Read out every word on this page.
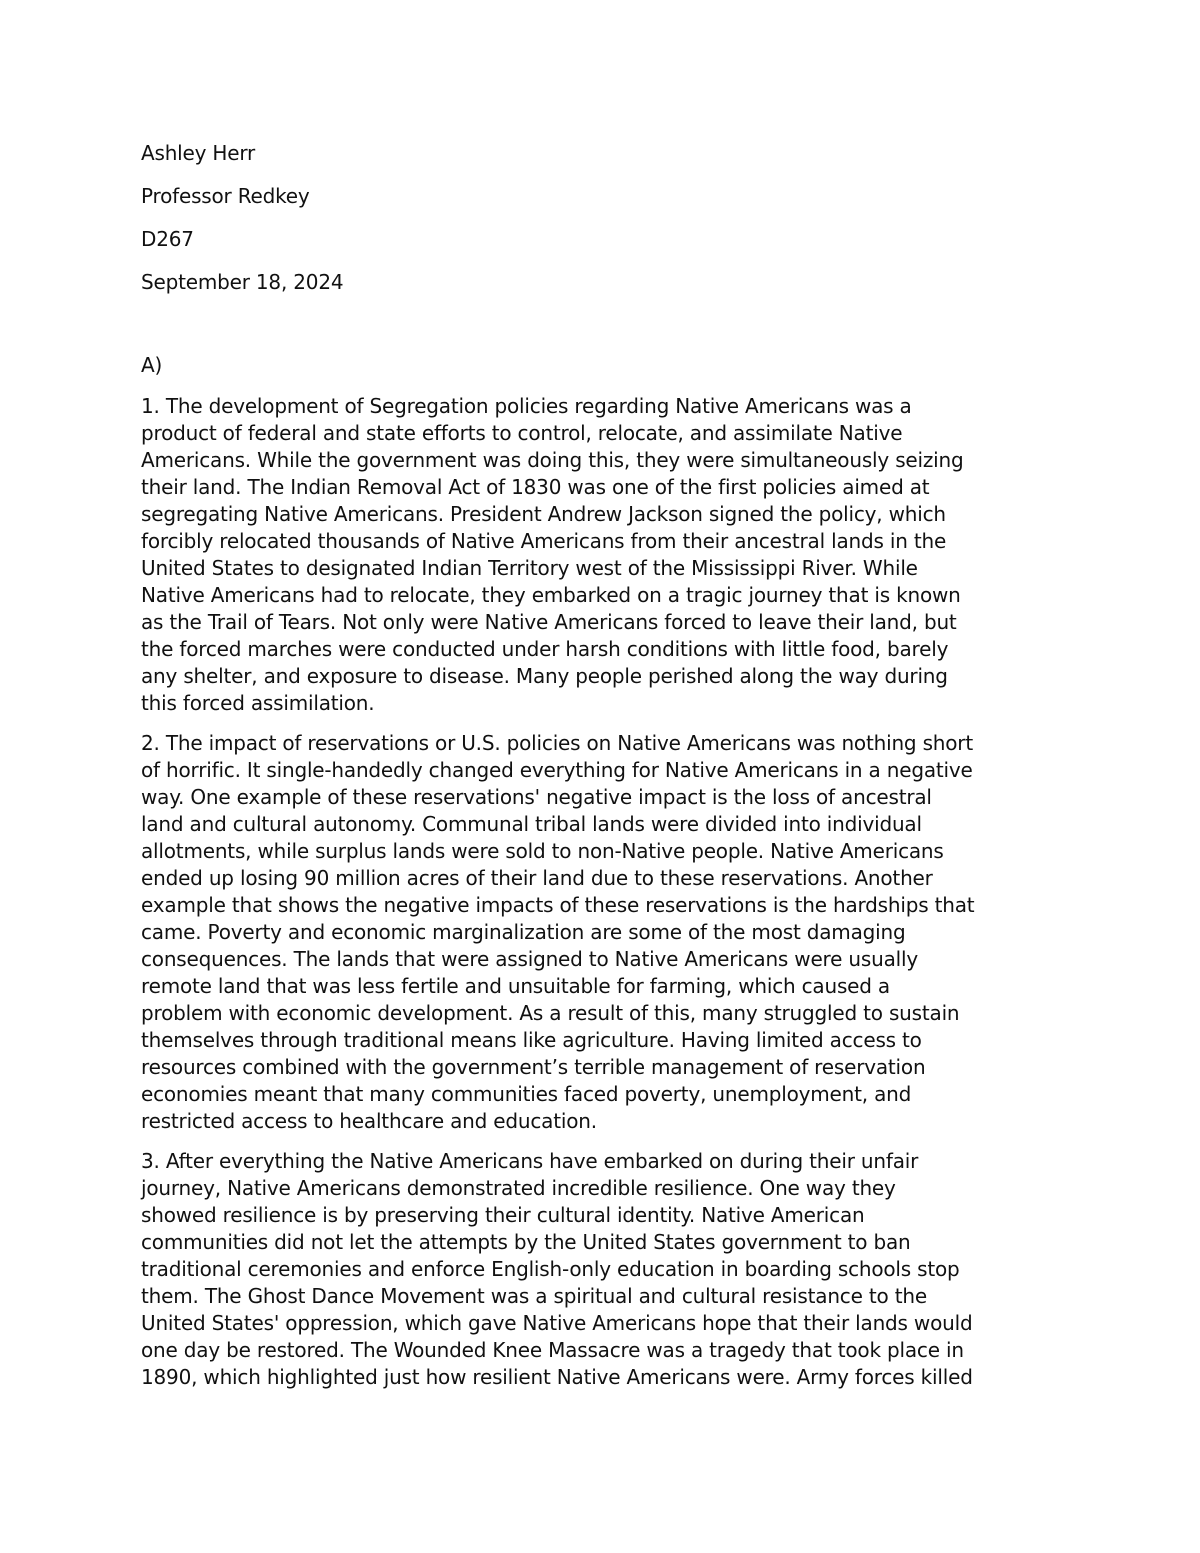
Ashley Herr
Professor Redkey
D267
September 18, 2024
A)

1. The development of Segregation policies regarding Native Americans was a
product of federal and state efforts to control, relocate, and assimilate Native
Americans. While the government was doing this, they were simultaneously seizing
their land. The Indian Removal Act of 1830 was one of the first policies aimed at
segregating Native Americans. President Andrew Jackson signed the policy, which
forcibly relocated thousands of Native Americans from their ancestral lands in the
United States to designated Indian Territory west of the Mississippi River. While
Native Americans had to relocate, they embarked on a tragic journey that is known
as the Trail of Tears. Not only were Native Americans forced to leave their land, but
the forced marches were conducted under harsh conditions with little food, barely
any shelter, and exposure to disease. Many people perished along the way during
this forced assimilation.

2. The impact of reservations or U.S. policies on Native Americans was nothing short
of horrific. It single-handedly changed everything for Native Americans in a negative
way. One example of these reservations' negative impact is the loss of ancestral
land and cultural autonomy. Communal tribal lands were divided into individual
allotments, while surplus lands were sold to non-Native people. Native Americans
ended up losing 90 million acres of their land due to these reservations. Another
example that shows the negative impacts of these reservations is the hardships that
came. Poverty and economic marginalization are some of the most damaging
consequences. The lands that were assigned to Native Americans were usually
remote land that was less fertile and unsuitable for farming, which caused a
problem with economic development. As a result of this, many struggled to sustain
themselves through traditional means like agriculture. Having limited access to
resources combined with the government’s terrible management of reservation
economies meant that many communities faced poverty, unemployment, and
restricted access to healthcare and education.

3. After everything the Native Americans have embarked on during their unfair
journey, Native Americans demonstrated incredible resilience. One way they
showed resilience is by preserving their cultural identity. Native American
communities did not let the attempts by the United States government to ban
traditional ceremonies and enforce English-only education in boarding schools stop
them. The Ghost Dance Movement was a spiritual and cultural resistance to the
United States' oppression, which gave Native Americans hope that their lands would
one day be restored. The Wounded Knee Massacre was a tragedy that took place in
1890, which highlighted just how resilient Native Americans were. Army forces killed
